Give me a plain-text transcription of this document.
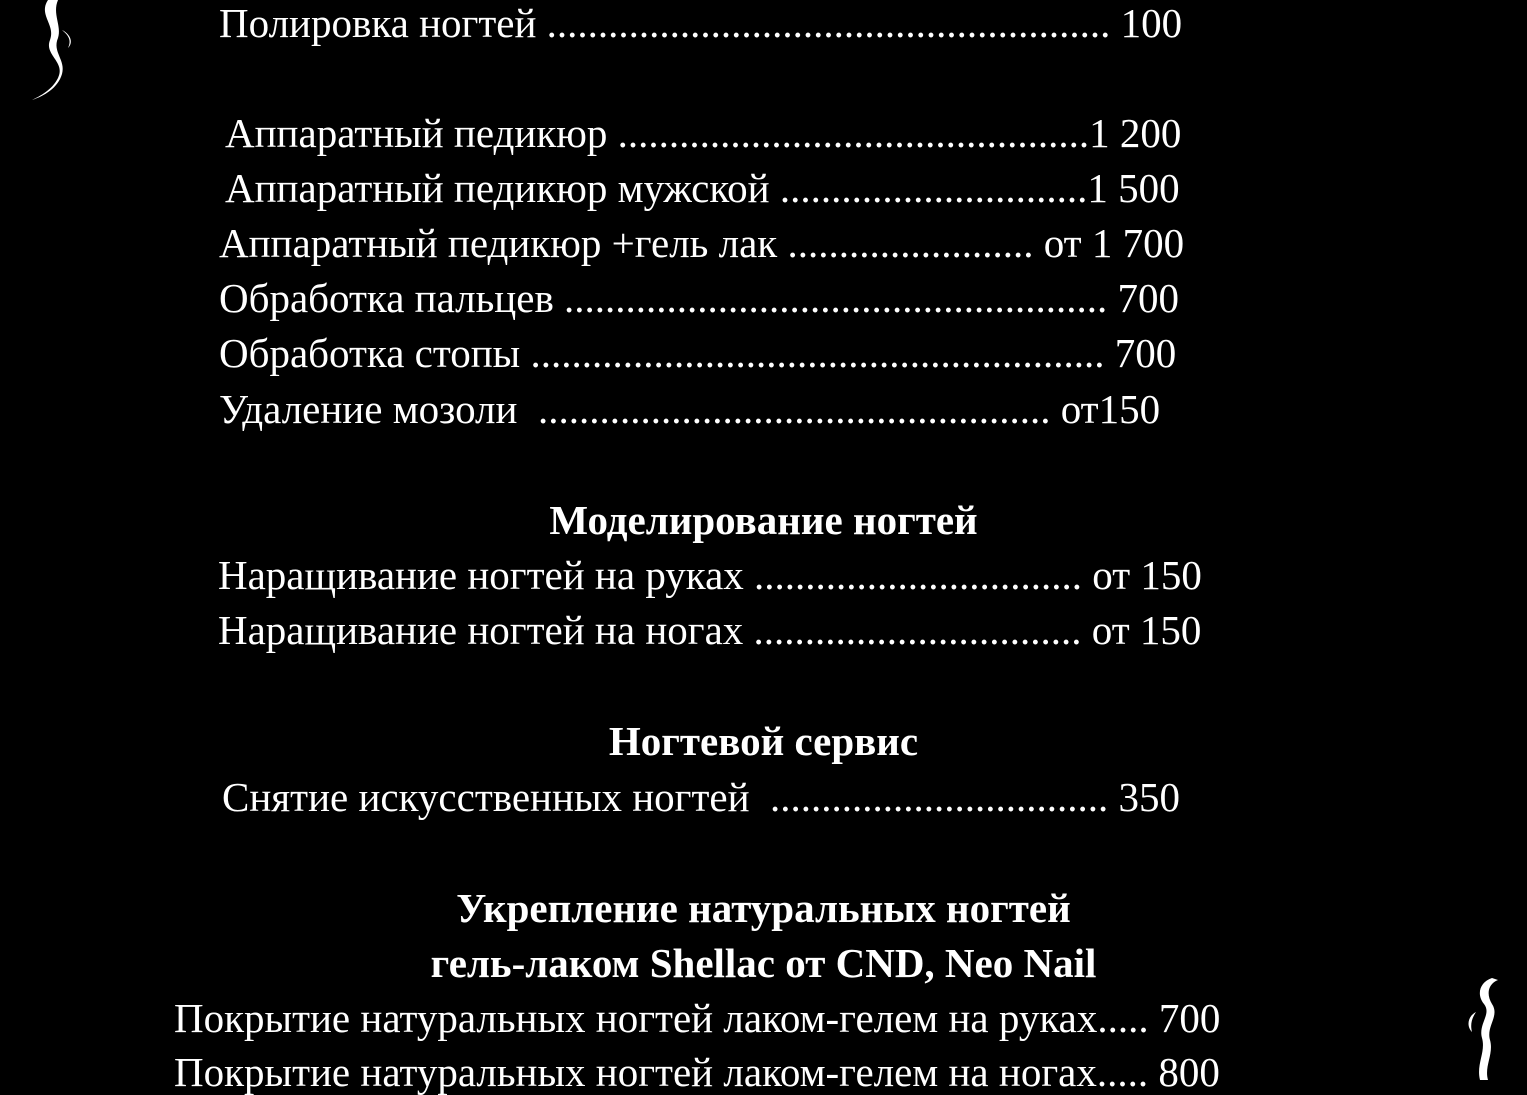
Полировка ногтей ....................................................... 100
Аппаратный педикюр ..............................................1 200
Аппаратный педикюр мужской ..............................1 500
Аппаратный педикюр +гель лак ........................ от 1 700
Обработка пальцев ..................................................... 700
Обработка стопы ........................................................ 700
Удаление мозоли  .................................................. от150
Моделирование ногтей
Наращивание ногтей на руках ................................ от 150
Наращивание ногтей на ногах ................................ от 150
Ногтевой сервис
Снятие искусственных ногтей  ................................. 350
Укрепление натуральных ногтей
гель-лаком Shellac от CND, Neo Nail
Покрытие натуральных ногтей лаком-гелем на руках..... 700
Покрытие натуральных ногтей лаком-гелем на ногах..... 800
